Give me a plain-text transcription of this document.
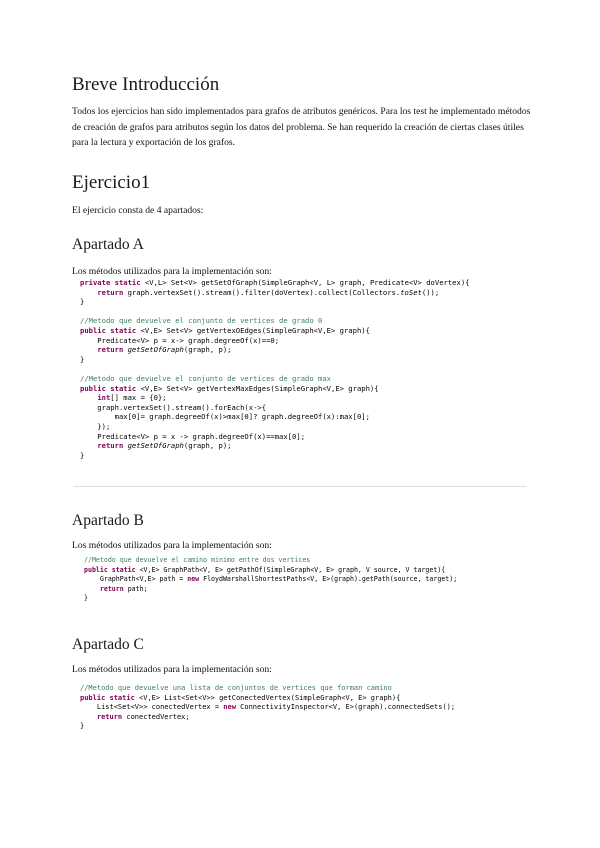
Breve Introducción

Todos los ejercicios han sido implementados para grafos de atributos genéricos. Para los test he implementado métodos de creación de grafos para atributos según los datos del problema. Se han requerido la creación de ciertas clases útiles para la lectura y exportación de los grafos.

Ejercicio1

El ejercicio consta de 4 apartados:

Apartado A

Los métodos utilizados para la implementación son:

private static <V,L> Set<V> getSetOfGraph(SimpleGraph<V, L> graph, Predicate<V> doVertex){
return graph.vertexSet().stream().filter(doVertex).collect(Collectors.toSet());
}
//Metodo que devuelve el conjunto de vertices de grado 0
public static <V,E> Set<V> getVertexOEdges(SimpleGraph<V,E> graph){
Predicate<V> p = x-> graph.degreeOf(x)==0;
return getSetOfGraph(graph, p);
}
//Metodo que devuelve el conjunto de vertices de grado max
public static <V,E> Set<V> getVertexMaxEdges(SimpleGraph<V,E> graph){
int[] max = {0};
graph.vertexSet().stream().forEach(x->{
max[0]= graph.degreeOf(x)>max[0]? graph.degreeOf(x):max[0];
});
Predicate<V> p = x -> graph.degreeOf(x)==max[0];
return getSetOfGraph(graph, p);
}
Apartado B

Los métodos utilizados para la implementación son:

//Metodo que devuelve el camino minimo entre dos vertices
public static <V,E> GraphPath<V, E> getPathOf(SimpleGraph<V, E> graph, V source, V target){
GraphPath<V,E> path = new FloydWarshallShortestPaths<V, E>(graph).getPath(source, target);
return path;
}
Apartado C

Los métodos utilizados para la implementación son:

//Metodo que devuelve una lista de conjuntos de vertices que forman camino
public static <V,E> List<Set<V>> getConectedVertex(SimpleGraph<V, E> graph){
List<Set<V>> conectedVertex = new ConnectivityInspector<V, E>(graph).connectedSets();
return conectedVertex;
}
